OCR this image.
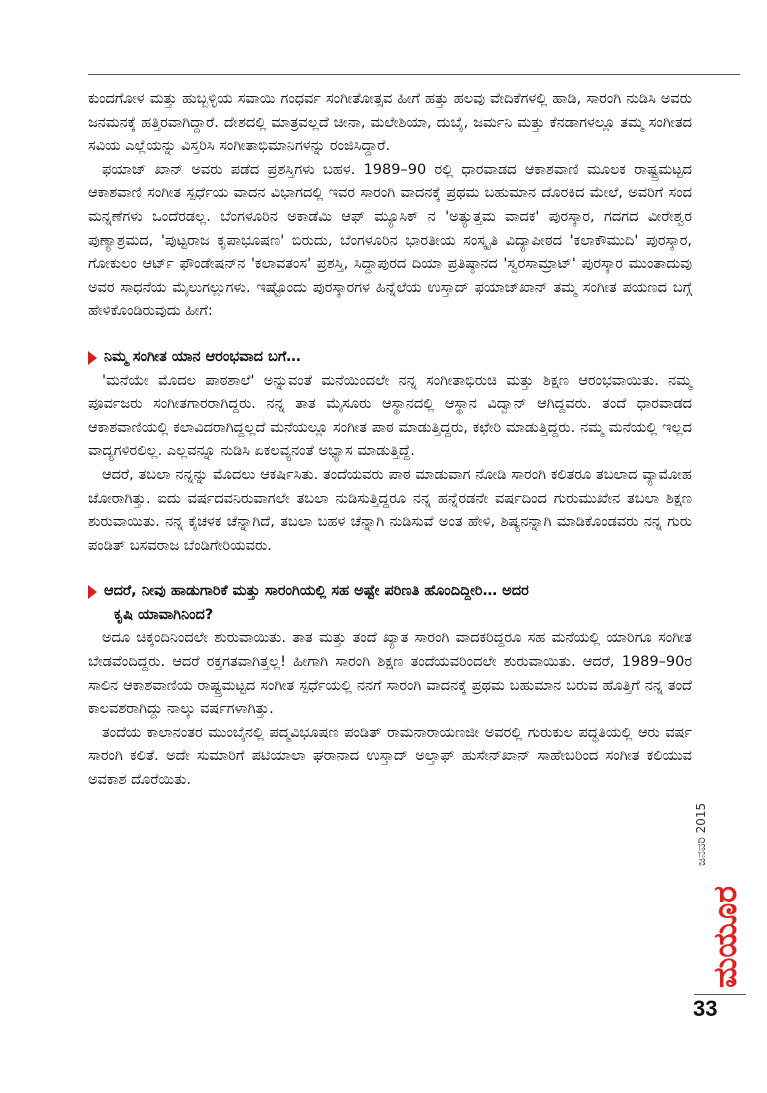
ಕುಂದಗೋಳ ಮತ್ತು ಹುಬ್ಬಳ್ಳಿಯ ಸವಾಯಿ ಗಂಧರ್ವ ಸಂಗೀತೋತ್ಸವ ಹೀಗೆ ಹತ್ತು ಹಲವು ವೇದಿಕೆಗಳಲ್ಲಿ ಹಾಡಿ, ಸಾರಂಗಿ ನುಡಿಸಿ ಅವರು ಜನಮನಕ್ಕೆ ಹತ್ತಿರವಾಗಿದ್ದಾರೆ. ದೇಶದಲ್ಲಿ ಮಾತ್ರವಲ್ಲದೆ ಚೀನಾ, ಮಲೇಶಿಯಾ, ದುಬೈ, ಜರ್ಮನಿ ಮತ್ತು ಕೆನಡಾಗಳಲ್ಲೂ ತಮ್ಮ ಸಂಗೀತದ ಸವಿಯ ಎಲ್ಲೆಯನ್ನು ವಿಸ್ತರಿಸಿ ಸಂಗೀತಾಭಿಮಾನಿಗಳನ್ನು ರಂಜಿಸಿದ್ದಾರೆ.

ಫಯಾಜ್ ಖಾನ್ ಅವರು ಪಡೆದ ಪ್ರಶಸ್ತಿಗಳು ಬಹಳ. 1989–90 ರಲ್ಲಿ ಧಾರವಾಡದ ಆಕಾಶವಾಣಿ ಮೂಲಕ ರಾಷ್ಟ್ರಮಟ್ಟದ ಆಕಾಶವಾಣಿ ಸಂಗೀತ ಸ್ಪರ್ಧೆಯ ವಾದನ ವಿಭಾಗದಲ್ಲಿ ಇವರ ಸಾರಂಗಿ ವಾದನಕ್ಕೆ ಪ್ರಥಮ ಬಹುಮಾನ ದೊರಕಿದ ಮೇಲೆ, ಅವರಿಗೆ ಸಂದ ಮನ್ನಣೆಗಳು ಒಂದೆರಡಲ್ಲ. ಬೆಂಗಳೂರಿನ ಅಕಾಡೆಮಿ ಆಫ್ ಮ್ಯೂಸಿಕ್ ನ 'ಅತ್ಯುತ್ತಮ ವಾದಕ' ಪುರಸ್ಕಾರ, ಗದಗದ ವೀರೇಶ್ವರ ಪುಣ್ಯಾಶ್ರಮದ, 'ಪುಟ್ಟರಾಜ ಕೃಪಾಭೂಷಣ' ಬಿರುದು, ಬೆಂಗಳೂರಿನ ಭಾರತೀಯ ಸಂಸ್ಕೃತಿ ವಿದ್ಯಾಪೀಠದ 'ಕಲಾಕೌಮುದಿ' ಪುರಸ್ಕಾರ, ಗೋಕುಲಂ ಆರ್ಟ್ ಫೌಂಡೇಷನ್‌ನ 'ಕಲಾವತಂಸ' ಪ್ರಶಸ್ತಿ, ಸಿದ್ದಾಪುರದ ದಿಯಾ ಪ್ರತಿಷ್ಠಾನದ 'ಸ್ವರಸಾಮ್ರಾಟ್' ಪುರಸ್ಕಾರ ಮುಂತಾದುವು ಅವರ ಸಾಧನೆಯ ಮೈಲುಗಲ್ಲುಗಳು. ಇಷ್ಟೊಂದು ಪುರಸ್ಕಾರಗಳ ಹಿನ್ನೆಲೆಯ ಉಸ್ತಾದ್ ಫಯಾಜ್‌ಖಾನ್ ತಮ್ಮ ಸಂಗೀತ ಪಯಣದ ಬಗ್ಗೆ ಹೇಳಿಕೊಂಡಿರುವುದು ಹೀಗೆ:

ನಿಮ್ಮ ಸಂಗೀತ ಯಾನ ಆರಂಭವಾದ ಬಗೆ…

'ಮನೆಯೇ ಮೊದಲ ಪಾಠಶಾಲೆ' ಅನ್ನುವಂತೆ ಮನೆಯಿಂದಲೇ ನನ್ನ ಸಂಗೀತಾಭಿರುಚಿ ಮತ್ತು ಶಿಕ್ಷಣ ಆರಂಭವಾಯಿತು. ನಮ್ಮ ಪೂರ್ವಜರು ಸಂಗೀತಗಾರರಾಗಿದ್ದರು. ನನ್ನ ತಾತ ಮೈಸೂರು ಆಸ್ಥಾನದಲ್ಲಿ ಆಸ್ಥಾನ ವಿದ್ವಾನ್ ಆಗಿದ್ದವರು. ತಂದೆ ಧಾರವಾಡದ ಆಕಾಶವಾಣಿಯಲ್ಲಿ ಕಲಾವಿದರಾಗಿದ್ದಲ್ಲದೆ ಮನೆಯಲ್ಲೂ ಸಂಗೀತ ಪಾಠ ಮಾಡುತ್ತಿದ್ದರು, ಕಛೇರಿ ಮಾಡುತ್ತಿದ್ದರು. ನಮ್ಮ ಮನೆಯಲ್ಲಿ ಇಲ್ಲದ ವಾದ್ಯಗಳಿರಲಿಲ್ಲ. ಎಲ್ಲವನ್ನೂ ನುಡಿಸಿ ಏಕಲವ್ಯನಂತೆ ಅಭ್ಯಾಸ ಮಾಡುತ್ತಿದ್ದೆ.

ಆದರೆ, ತಬಲಾ ನನ್ನನ್ನು ಮೊದಲು ಆಕರ್ಷಿಸಿತು. ತಂದೆಯವರು ಪಾಠ ಮಾಡುವಾಗ ನೋಡಿ ಸಾರಂಗಿ ಕಲಿತರೂ ತಬಲಾದ ವ್ಯಾಮೋಹ ಜೋರಾಗಿತ್ತು. ಐದು ವರ್ಷದವನಿರುವಾಗಲೇ ತಬಲಾ ನುಡಿಸುತ್ತಿದ್ದರೂ ನನ್ನ ಹನ್ನೆರಡನೇ ವರ್ಷದಿಂದ ಗುರುಮುಖೇನ ತಬಲಾ ಶಿಕ್ಷಣ ಶುರುವಾಯಿತು. ನನ್ನ ಕೈಚಳಕ ಚೆನ್ನಾಗಿದೆ, ತಬಲಾ ಬಹಳ ಚೆನ್ನಾಗಿ ನುಡಿಸುವೆ ಅಂತ ಹೇಳಿ, ಶಿಷ್ಯನನ್ನಾಗಿ ಮಾಡಿಕೊಂಡವರು ನನ್ನ ಗುರು ಪಂಡಿತ್ ಬಸವರಾಜ ಬೆಂಡಿಗೇರಿಯವರು.

ಆದರೆ, ನೀವು ಹಾಡುಗಾರಿಕೆ ಮತ್ತು ಸಾರಂಗಿಯಲ್ಲಿ ಸಹ ಅಷ್ಟೇ ಪರಿಣತಿ ಹೊಂದಿದ್ದೀರಿ… ಅದರ
ಕೃಷಿ ಯಾವಾಗಿನಿಂದ?

ಅದೂ ಚಿಕ್ಕಂದಿನಿಂದಲೇ ಶುರುವಾಯಿತು. ತಾತ ಮತ್ತು ತಂದೆ ಖ್ಯಾತ ಸಾರಂಗಿ ವಾದಕರಿದ್ದರೂ ಸಹ ಮನೆಯಲ್ಲಿ ಯಾರಿಗೂ ಸಂಗೀತ ಬೇಡವೆಂದಿದ್ದರು. ಆದರೆ ರಕ್ತಗತವಾಗಿತ್ತಲ್ಲ! ಹೀಗಾಗಿ ಸಾರಂಗಿ ಶಿಕ್ಷಣ ತಂದೆಯವರಿಂದಲೇ ಶುರುವಾಯಿತು. ಆದರೆ, 1989–90ರ ಸಾಲಿನ ಆಕಾಶವಾಣಿಯ ರಾಷ್ಟ್ರಮಟ್ಟದ ಸಂಗೀತ ಸ್ಪರ್ಧೆಯಲ್ಲಿ ನನಗೆ ಸಾರಂಗಿ ವಾದನಕ್ಕೆ ಪ್ರಥಮ ಬಹುಮಾನ ಬರುವ ಹೊತ್ತಿಗೆ ನನ್ನ ತಂದೆ ಕಾಲವಶರಾಗಿದ್ದು ನಾಲ್ಕು ವರ್ಷಗಳಾಗಿತ್ತು.

ತಂದೆಯ ಕಾಲಾನಂತರ ಮುಂಬೈನಲ್ಲಿ ಪದ್ಮವಿಭೂಷಣ ಪಂಡಿತ್ ರಾಮನಾರಾಯಣಜೀ ಅವರಲ್ಲಿ ಗುರುಕುಲ ಪದ್ಧತಿಯಲ್ಲಿ ಆರು ವರ್ಷ ಸಾರಂಗಿ ಕಲಿತೆ. ಅದೇ ಸುಮಾರಿಗೆ ಪಟಿಯಾಲಾ ಘರಾನಾದ ಉಸ್ತಾದ್ ಅಲ್ತಾಫ್ ಹುಸೇನ್‌ಖಾನ್ ಸಾಹೇಬರಿಂದ ಸಂಗೀತ ಕಲಿಯುವ ಅವಕಾಶ ದೊರೆಯಿತು.

ಜನವರಿ 2015
ಮಯೂರ
33
